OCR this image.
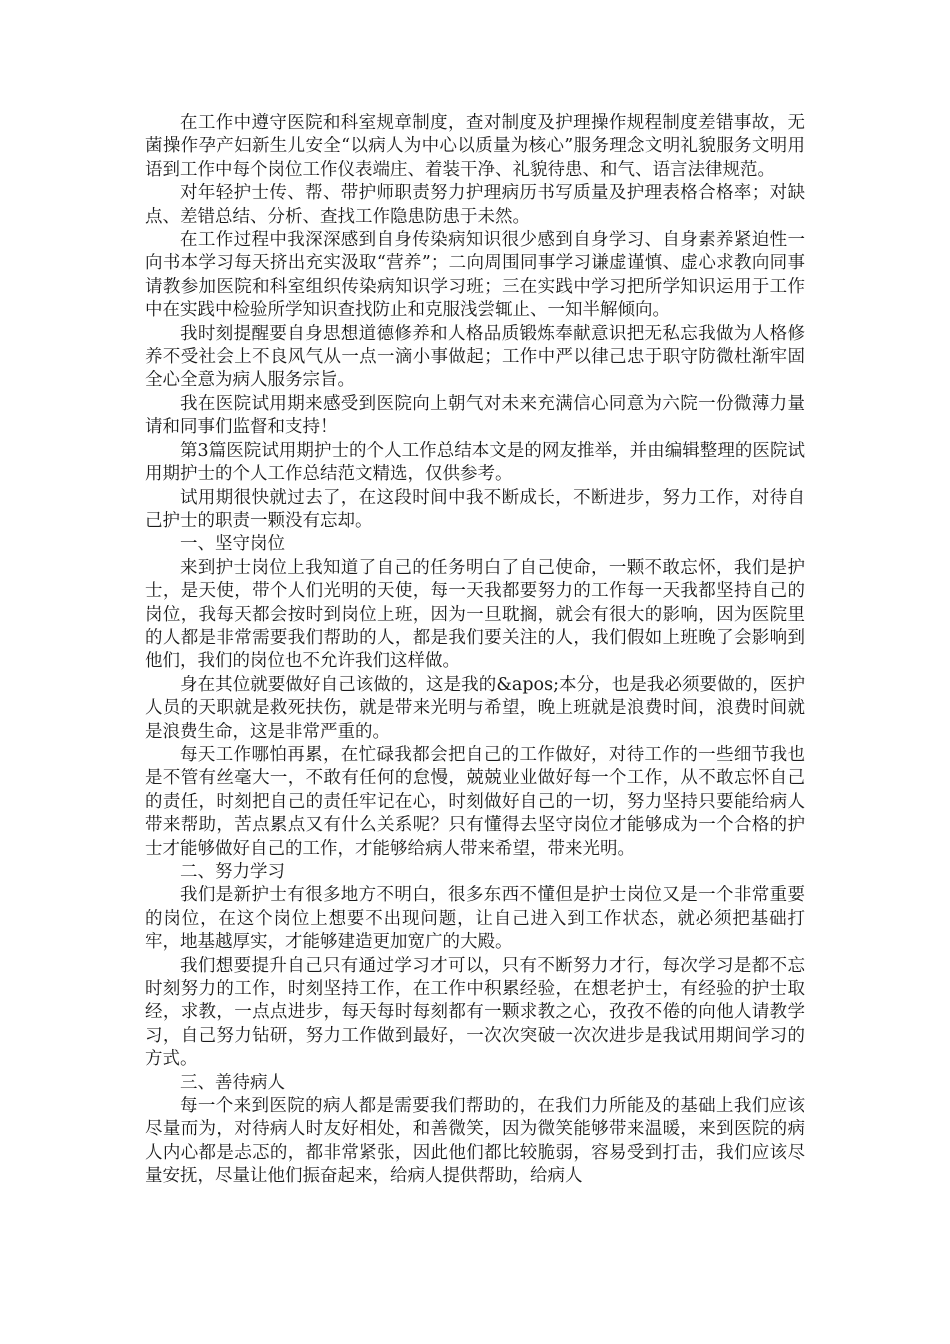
在工作中遵守医院和科室规章制度，查对制度及护理操作规程制度差错事故，无菌操作孕产妇新生儿安全“以病人为中心以质量为核心”服务理念文明礼貌服务文明用语到工作中每个岗位工作仪表端庄、着装干净、礼貌待患、和气、语言法律规范。

对年轻护士传、帮、带护师职责努力护理病历书写质量及护理表格合格率；对缺点、差错总结、分析、查找工作隐患防患于未然。

在工作过程中我深深感到自身传染病知识很少感到自身学习、自身素养紧迫性一向书本学习每天挤出充实汲取“营养”；二向周围同事学习谦虚谨慎、虚心求教向同事请教参加医院和科室组织传染病知识学习班；三在实践中学习把所学知识运用于工作中在实践中检验所学知识查找防止和克服浅尝辄止、一知半解倾向。

我时刻提醒要自身思想道德修养和人格品质锻炼奉献意识把无私忘我做为人格修养不受社会上不良风气从一点一滴小事做起；工作中严以律己忠于职守防微杜渐牢固全心全意为病人服务宗旨。

我在医院试用期来感受到医院向上朝气对未来充满信心同意为六院一份微薄力量请和同事们监督和支持！

第3篇医院试用期护士的个人工作总结本文是的网友推举，并由编辑整理的医院试用期护士的个人工作总结范文精选，仅供参考。

试用期很快就过去了，在这段时间中我不断成长，不断进步，努力工作，对待自己护士的职责一颗没有忘却。

一、坚守岗位

来到护士岗位上我知道了自己的任务明白了自己使命，一颗不敢忘怀，我们是护士，是天使，带个人们光明的天使，每一天我都要努力的工作每一天我都坚持自己的岗位，我每天都会按时到岗位上班，因为一旦耽搁，就会有很大的影响，因为医院里的人都是非常需要我们帮助的人，都是我们要关注的人，我们假如上班晚了会影响到他们，我们的岗位也不允许我们这样做。

身在其位就要做好自己该做的，这是我的&apos;本分，也是我必须要做的，医护人员的天职就是救死扶伤，就是带来光明与希望，晚上班就是浪费时间，浪费时间就是浪费生命，这是非常严重的。

每天工作哪怕再累，在忙碌我都会把自己的工作做好，对待工作的一些细节我也是不管有丝毫大一，不敢有任何的怠慢，兢兢业业做好每一个工作，从不敢忘怀自己的责任，时刻把自己的责任牢记在心，时刻做好自己的一切，努力坚持只要能给病人带来帮助，苦点累点又有什么关系呢？只有懂得去坚守岗位才能够成为一个合格的护士才能够做好自己的工作，才能够给病人带来希望，带来光明。

二、努力学习

我们是新护士有很多地方不明白，很多东西不懂但是护士岗位又是一个非常重要的岗位，在这个岗位上想要不出现问题，让自己进入到工作状态，就必须把基础打牢，地基越厚实，才能够建造更加宽广的大殿。

我们想要提升自己只有通过学习才可以，只有不断努力才行，每次学习是都不忘时刻努力的工作，时刻坚持工作，在工作中积累经验，在想老护士，有经验的护士取经，求教，一点点进步，每天每时每刻都有一颗求教之心，孜孜不倦的向他人请教学习，自己努力钻研，努力工作做到最好，一次次突破一次次进步是我试用期间学习的方式。

三、善待病人

每一个来到医院的病人都是需要我们帮助的，在我们力所能及的基础上我们应该尽量而为，对待病人时友好相处，和善微笑，因为微笑能够带来温暖，来到医院的病人内心都是忐忑的，都非常紧张，因此他们都比较脆弱，容易受到打击，我们应该尽量安抚，尽量让他们振奋起来，给病人提供帮助，给病人
